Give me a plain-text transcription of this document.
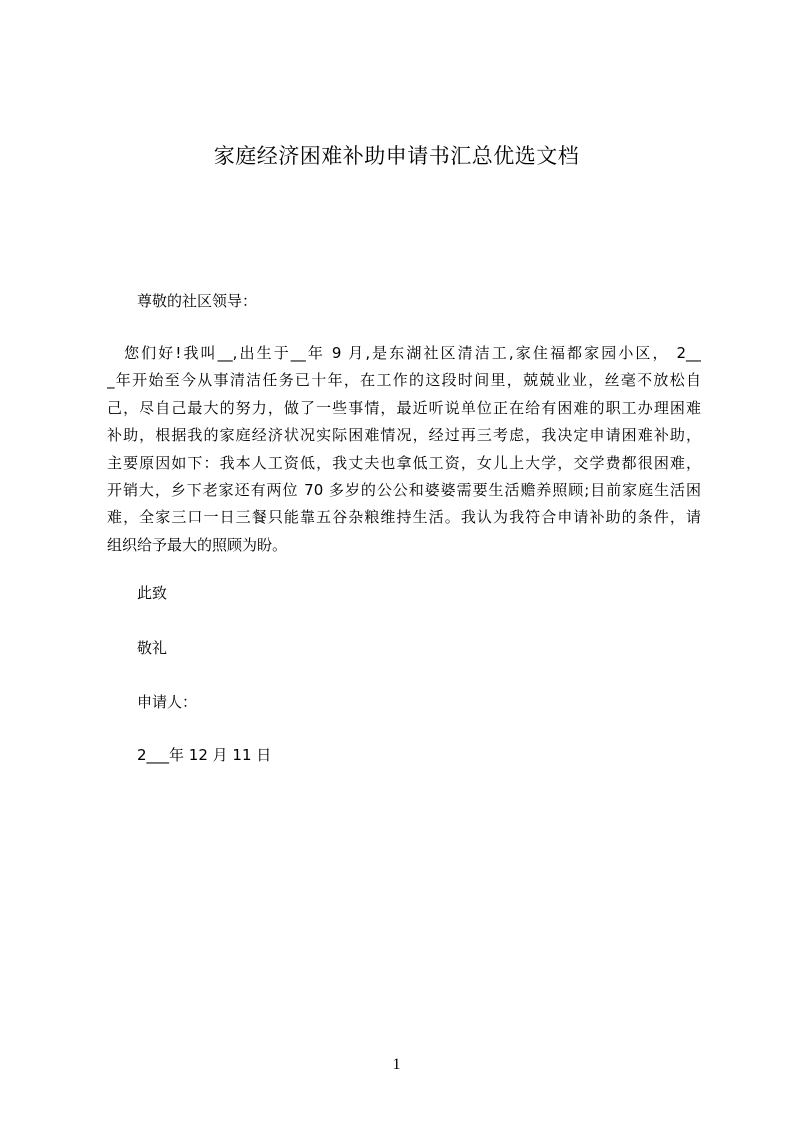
家庭经济困难补助申请书汇总优选文档
尊敬的社区领导：
　您们好!我叫__,出生于__年 9 月,是东湖社区清洁工,家住福都家园小区， 2__
_年开始至今从事清洁任务已十年，在工作的这段时间里，兢兢业业，丝毫不放松自
己，尽自己最大的努力，做了一些事情，最近听说单位正在给有困难的职工办理困难
补助，根据我的家庭经济状况实际困难情况，经过再三考虑，我决定申请困难补助，
主要原因如下：我本人工资低，我丈夫也拿低工资，女儿上大学，交学费都很困难，
开销大，乡下老家还有两位 70 多岁的公公和婆婆需要生活赡养照顾;目前家庭生活困
难，全家三口一日三餐只能靠五谷杂粮维持生活。我认为我符合申请补助的条件，请
组织给予最大的照顾为盼。
此致
敬礼
申请人：
2___年 12 月 11 日
1
